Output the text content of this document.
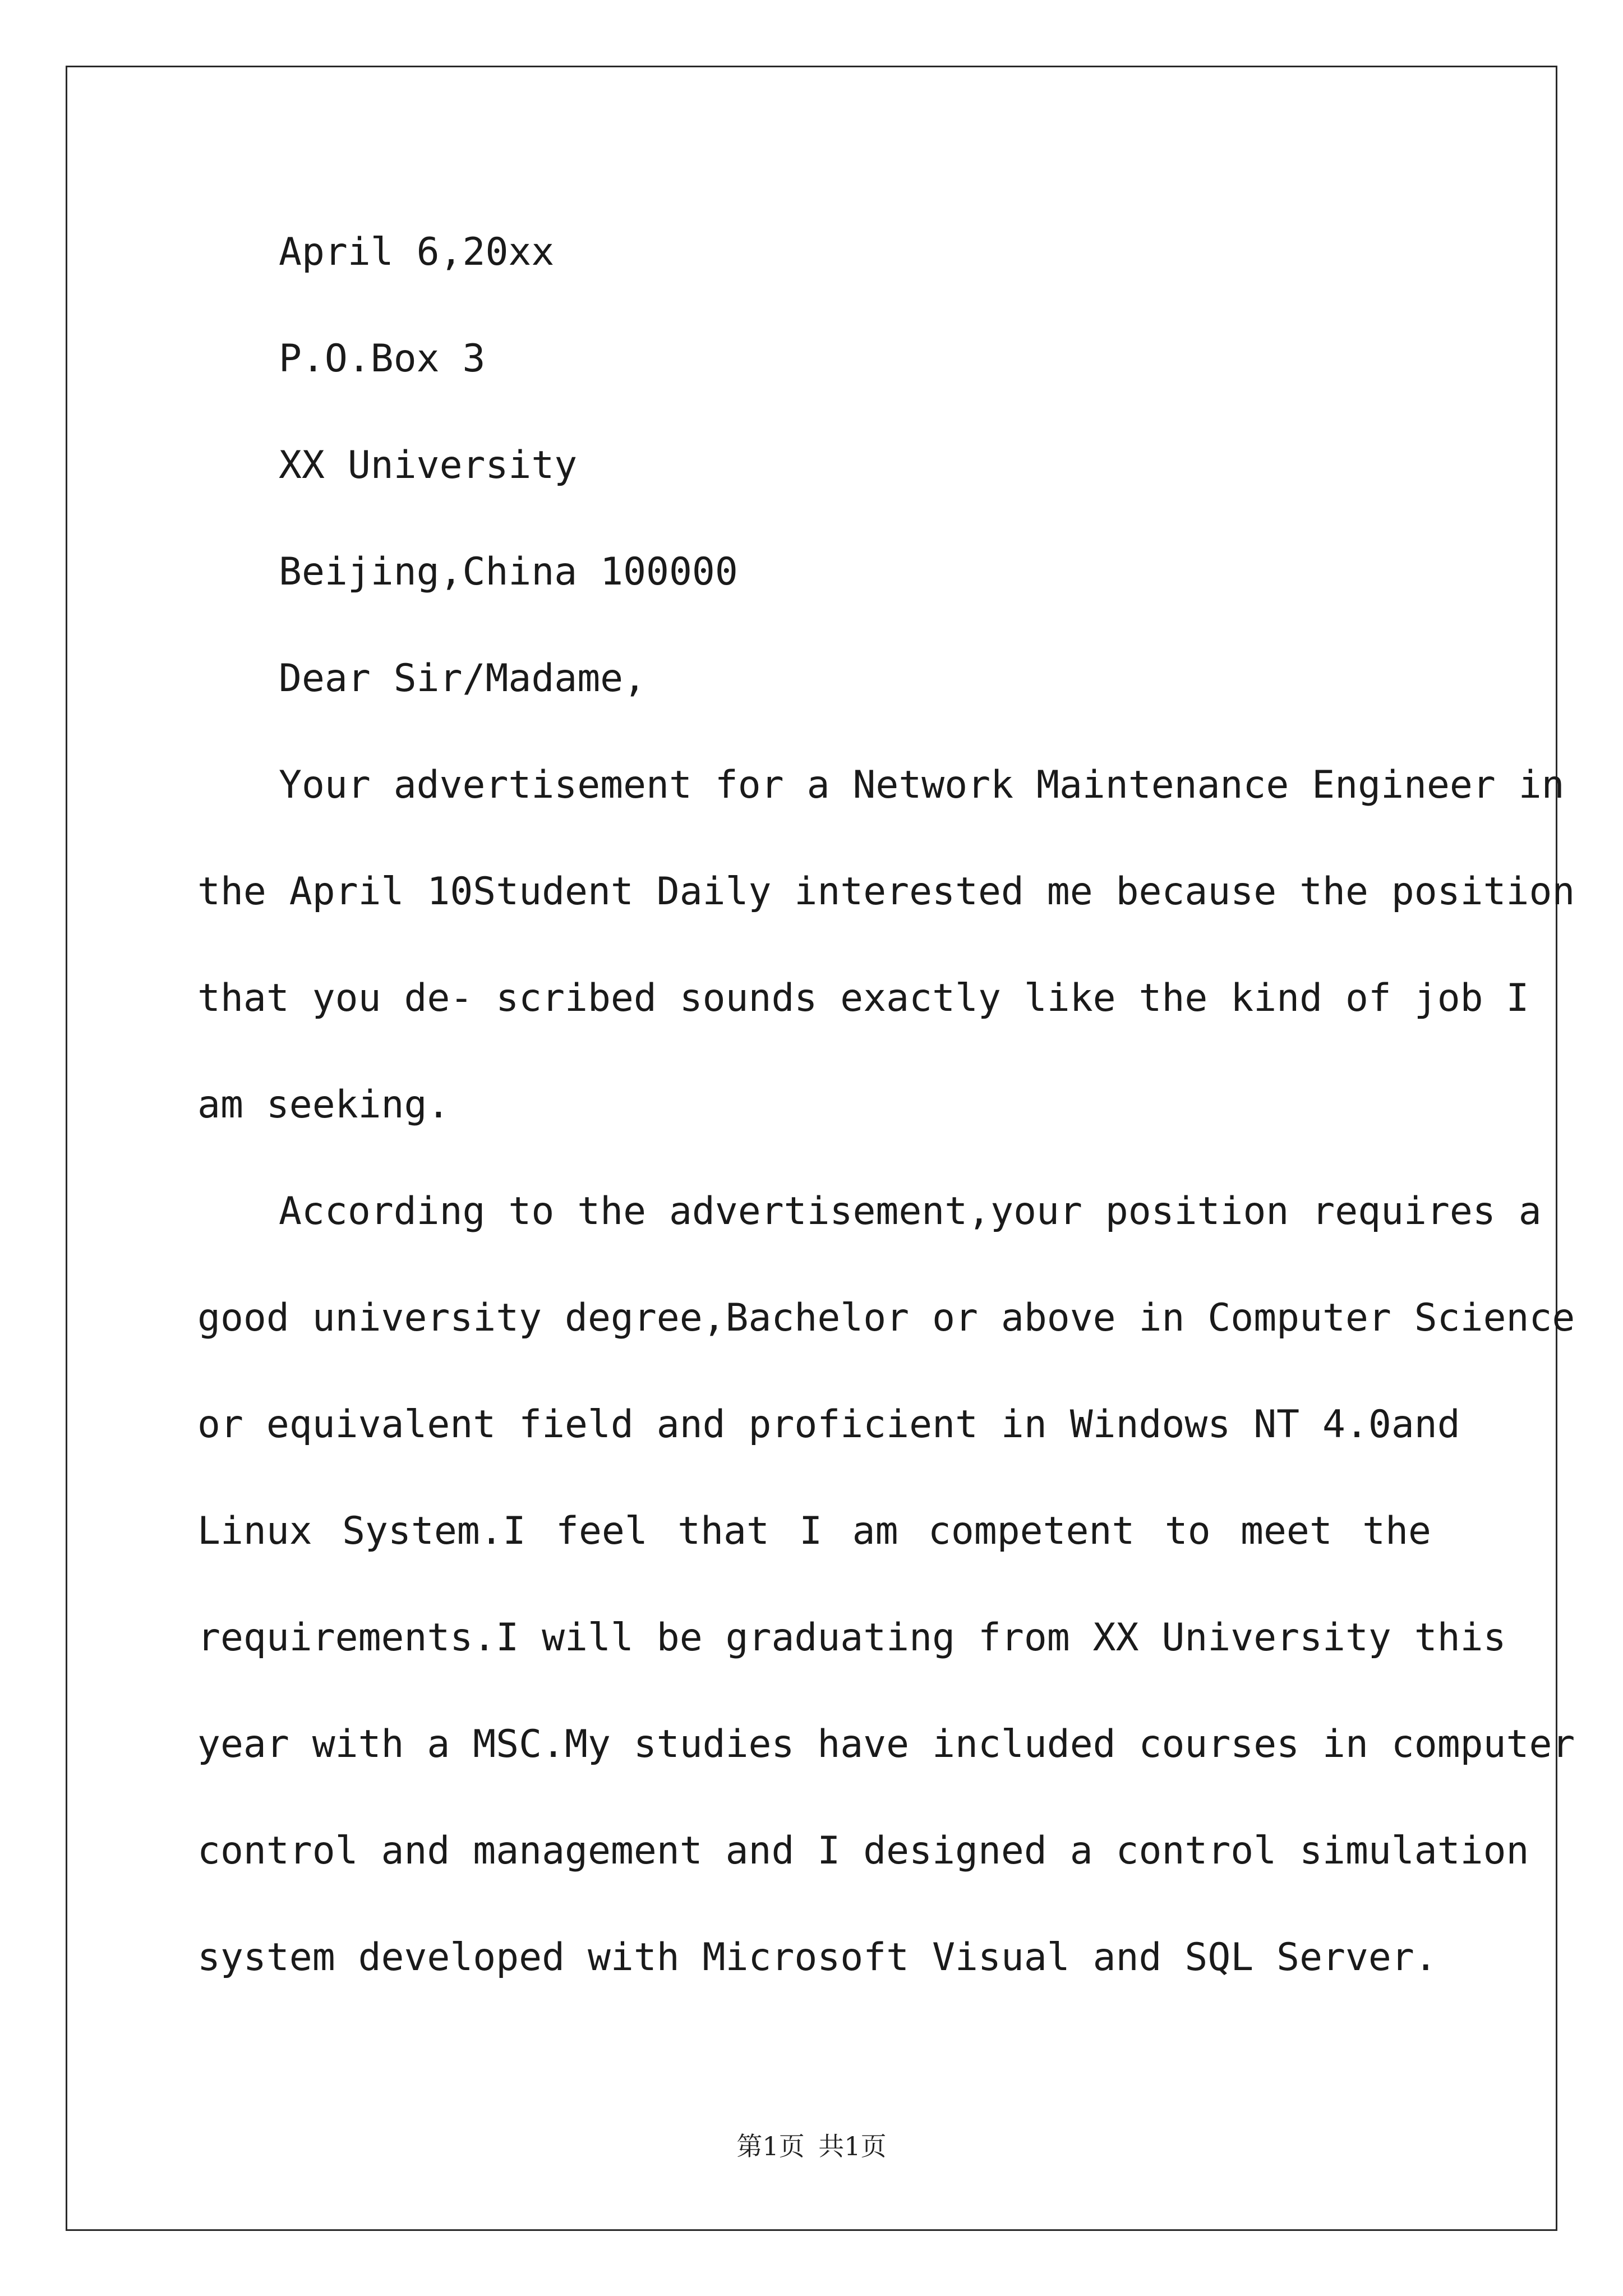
April 6,20xx
P.O.Box 3
XX University
Beijing,China 100000
Dear Sir/Madame,
Your advertisement for a Network Maintenance Engineer in
the April 10Student Daily interested me because the position
that you de- scribed sounds exactly like the kind of job I
am seeking.
According to the advertisement,your position requires a
good university degree,Bachelor or above in Computer Science
or equivalent field and proficient in Windows NT 4.0and
Linux System.I feel that I am competent to meet the
requirements.I will be graduating from XX University this
year with a MSC.My studies have included courses in computer
control and management and I designed a control simulation
system developed with Microsoft Visual and SQL Server.
第1页 共1页
